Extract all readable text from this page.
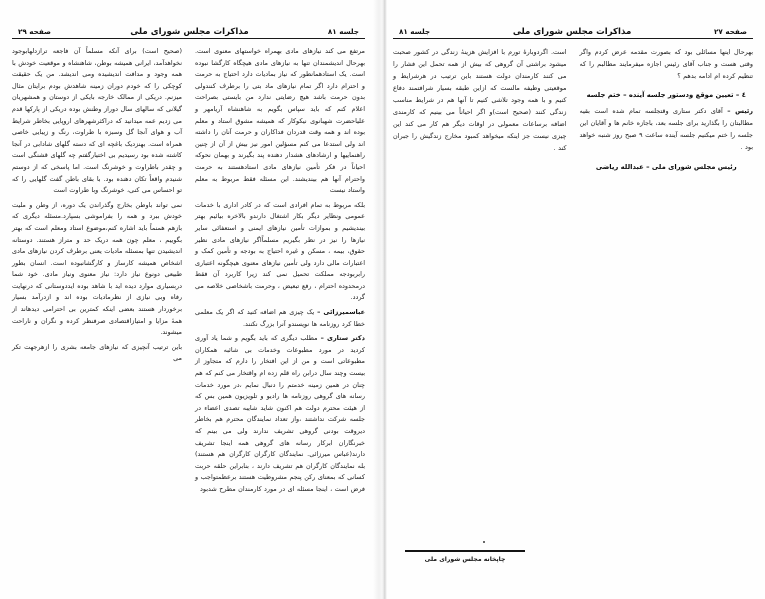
صفحه ۲۷
مذاکرات مجلس شورای ملی
جلسه ۸۱

بهرحال اینها مسائلی بود که بصورت مقدمه عرض کردم واگر وقتی هست و جناب آقای رئیس اجازه میفرمایند مطالبم را که تنظیم کرده ام ادامه بدهم ؟

٤ – تعیین موقع ودستور جلسه آینده – ختم جلسه

رئیس – آقای دکتر ستاری وقتجلسه تمام شده است بقیه مطالبتان را بگذارید برای جلسه بعد، باجازه خانم ها و آقایان این جلسه را ختم میکنیم جلسه آینده ساعت ۹ صبح روز شنبه خواهد بود .

رئیس مجلس شورای ملی – عبدالله ریاضی

است. اگردوبارهٔ تورم با افزایش هزینهٔ زندگی در کشور صحبت میشود براشتی آن گروهی که بیش از همه تحمل این فشار را می کنند کارمندان دولت هستند باین ترتیب در هرشرایط و موقعیتی وظیفه مالست که ازاین طبقه بسیار شرافتمند دفاع کنیم و با همه وجود تلاشی کنیم تا آنها هم در شرایط مناسب زندگی کنند (صحیح است)و اگر احیاناً می بینیم که کارمندی اضافه برساعات معمولی در اوقات دیگر هم کار می کند این چیزی نیست جز اینکه میخواهد کمبود مخارج زندگیش را جبران کند .

چاپخانه مجلس شورای ملی
جلسه ۸۱
مذاکرات مجلس شورای ملی
صفحه ۲۹

مرتفع می کند نیازهای مادی بهمراه خواستهای معنوی است. بهرحال اندیشمندان تنها به نیازهای مادی هیچگاه کارگشا نبوده است. یک استادهمانطور که نیاز بمادیات دارد احتیاج به حرمت و احترام دارد اگر تمام نیازهای ماد بتی را برطرف کنندولی بدون حرمت باشد هیچ رضایتی ندارد من بایستی بصراحت اعلام کنم که باید سپاس بگویم به شاهنشاه آریامهر و علیاحضرت شهبانوی نیکوکار که همیشه مشوق استاد و معلم بوده اند و همه وقت قدردان فداکاران و حرمت آنان را داشته اند ولی استدعا می کنم مسؤلین امور نیز بیش از آن از چنین راهنماییها و ارشادهای هشدار دهنده پند بگیرند و بهمان نحوکه احیاناً در فکر تأمین نیازهای مادی استادهستند به حرمت واحترام آنها هم بیندیشند. این مسئله فقط مربوط به معلم واستاد نیست

بلکه مربوط به تمام افرادی است که در کادر اداری با خدمات عمومی ونظایر دیگر بکار اشتغال دارندو بالاخره بیائیم بهتر بیندیشیم و بموازات تأمین نیازهای ایمنی و استعفائی سایر نیازها را نیز در نظر بگیریم مسلماًاگر نیازهای مادی نظیر حقوق، بیمه ، مسکن و غیره احتیاج به بودجه و تأمین کمک و اعتبارات مالی دارد ولی تأمین نیازهای معنوی هیچگونه اعتباری رابربودجه مملکت تحمیل نمی کند زیرا کاربرد آن فقط درمحدوده احترام ، رفع تبعیض ، وحرمت باشخاصی خلاصه می گردد.

عباسمیرزائی – یک چیزی هم اضافه کنید که اگر یک معلمی خطا کرد روزنامه ها نویسندو آنرا بزرگ نکنند.

دکتر ستاری – مطلب دیگری که باید بگویم و شما یاد آوری کردید در مورد مطبوعات وخدمات بی شائبه همکاران مطبوعاتی است و من از این افتخار را دارم که متجاوز از بیست وچند سال درابن راه قلم زده ام واقتخار می کنم که هم چنان در همین زمینه خدمتم را دنبال نمایم ،در مورد خدمات رسانه های گروهی روزنامه ها رادیو و تلویزیون همین بس که از هیئت محترم دولت هم اکنون شاید شایبه تصدی اعضاء در جلسه شرکت نداشتند ،واز تعداد نمایندگان محترم هم بخاطر دیروقت بودنی گروهی تشریف ندارند ولی می بینم که خبرنگاران ابرکار رسانه های گروهی همه اینجا تشریف دارند(عباس میرزائی. نمایندگان کارگران کارگران هم هستند) بله نمایندگان کارگران هم تشریف دارند ، بنابراین حلقه حربت کسانی که بمعنای رکن پنجم مشروطیت هستند برعظمتواجب و فرض است ، اینجا مسئله ای در مورد کارمندان مطرح شدبود

(صحیح است) برای آنکه مسلماً آن فاجعه ترازدلهابوجود نخواهدآمد، ایرانی همیشه بوطن، شاهنشاه و موقعیت خودش با همه وجود و مدافت اندیشیده ومی اندیشد. من یک حقیقت کوچکی را که خودم دوران زمینه شاهدش بودم برایتان مثال میزنم. دریکی از ممالک خارجه بایکی از دوستان و همشهریان گیلانی که سالهای سال دوراز وطنش بوده دریکی از پارکها قدم می زدیم عمه میدانید که دراکثرشهرهای اروپایی بخاطر شرایط آب و هوای آنجا گل وسبزه با طراوت، رنگ و زیبایی خاصی همراه است. بهنزدیک باغچه ای که دسته گلهای شادابی در آنجا کاشته شده بود رسیدیم بی اختیارگفتم چه گلهای قشنگی است و چقدر باطراوت و خوشرنگ است. اما پاسخی که از دوستم شنیدم واقعاً تکان دهنده بود. با بقای باطن گفت گلهایی را که تو احساس می کنی، خوشرنگ وبا طراوت است

نمی تواند باوطن بخارج وگذراندن یک دوره، از وطن و ملیت خودش ببرد و همه را بفراموشی بسپارد.مسئله دیگری که بازهم همنماً باید اشاره کنم،موضوع استاد ومعلم است که بهتر بگوییم ، معلم چون همه دریک حد و متراز هستند. دوستانه اندیشیدن تنها بمسئله مادیات یعنی برطرف کردن نیازهای مادی اشخاص همیشه کارساز و کارگشانبوده است. انسان بطور طبیعی دونوع نیاز دارد: نیاز معنوی ونیاز مادی. خود شما دربسیاری موارد دیده اید با شاهد بوده ایددوستانی که درنهایت رفاه وبی نیازی از نظرمادیات بوده اند و ازدرآمد بسیار برخوردار هستند بعضی اینکه کمترین بی احترامی دیدهاند از همهٔ مزایا و امتیازاقتصادی صرفنظر کرده و نگران و ناراحت میشوند.

باین ترتیب آنچیزی که نیازهای جامعه بشری را ازهرجهت تکر می
